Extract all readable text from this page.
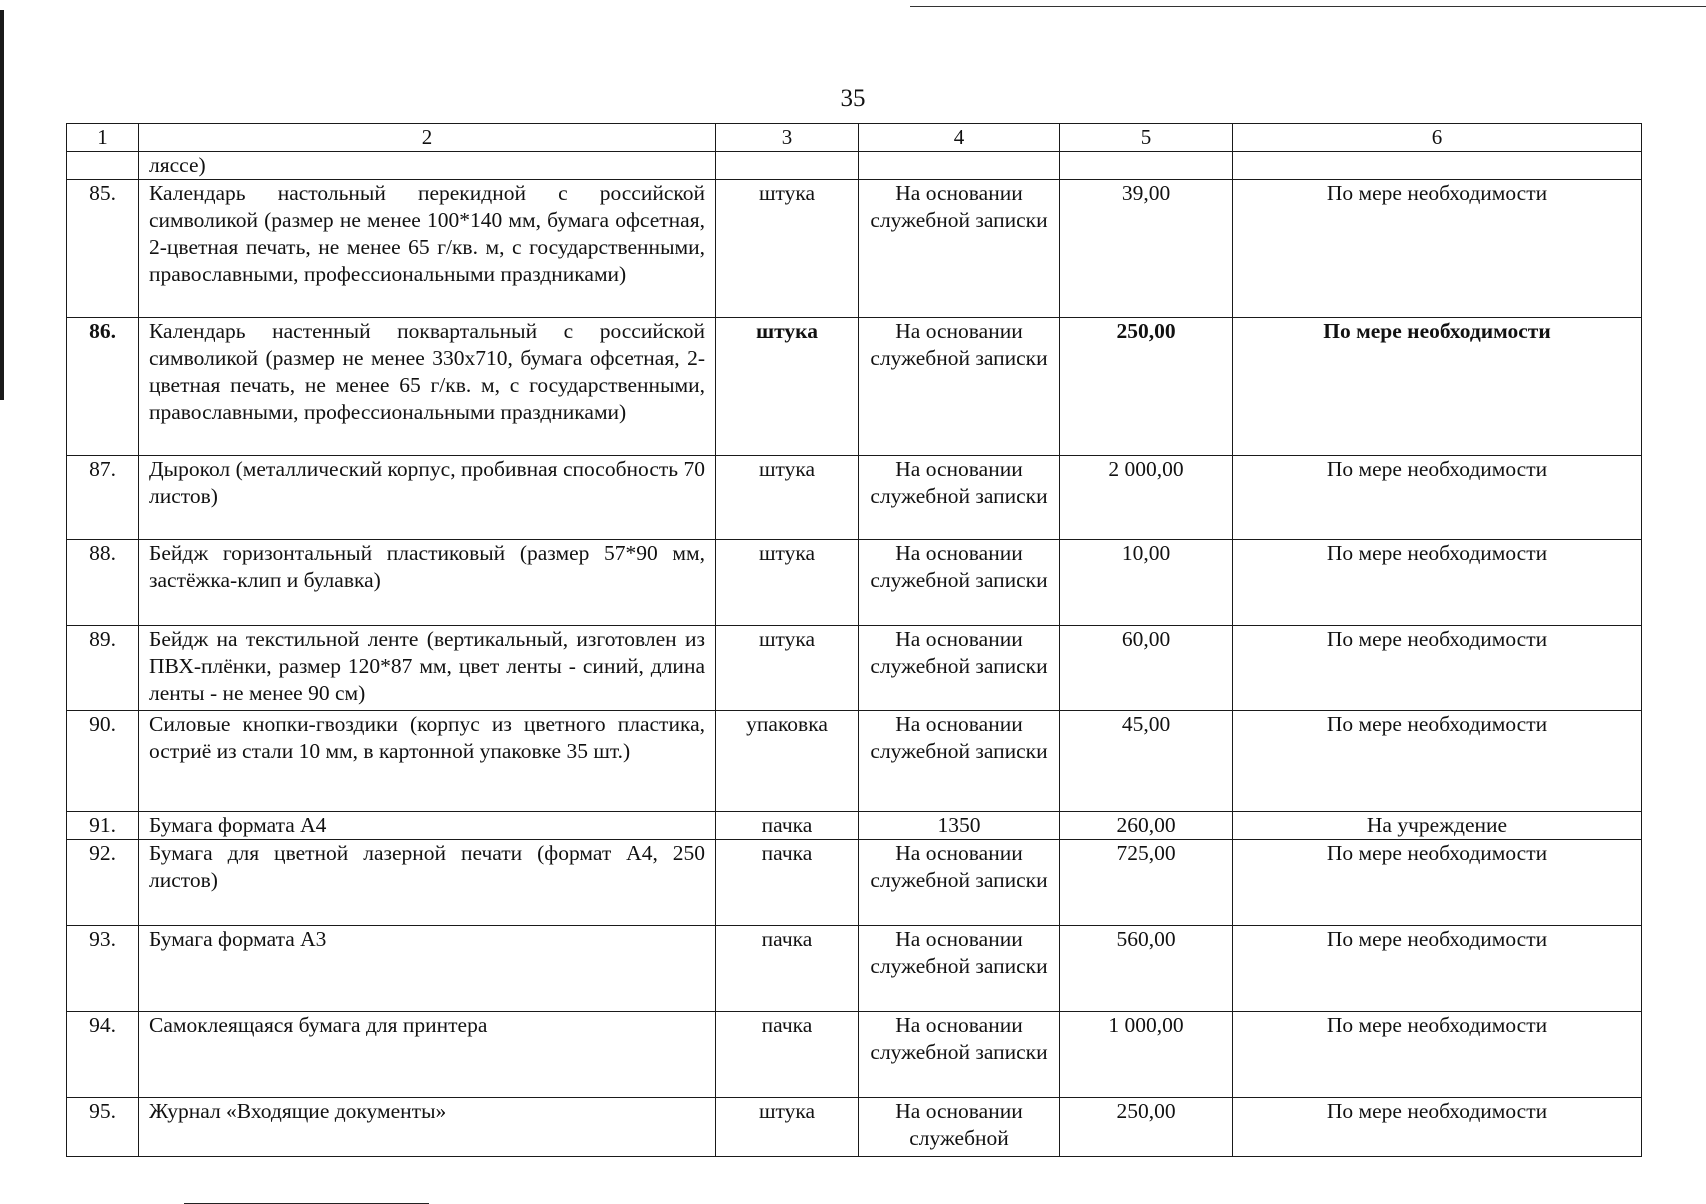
35
1	2	3	4	5	6
	ляссе)				
85.	Календарь настольный перекидной с российской символикой (размер не менее 100*140 мм, бумага офсетная, 2-цветная печать, не менее 65 г/кв. м, с государственными, православными, профессиональными праздниками)	штука	На основании служебной записки	39,00	По мере необходимости
86.	Календарь настенный поквартальный с российской символикой (размер не менее 330x710, бумага офсетная, 2-цветная печать, не менее 65 г/кв. м, с государственными, православными, профессиональными праздниками)	штука	На основании служебной записки	250,00	По мере необходимости
87.	Дырокол (металлический корпус, пробивная способность 70 листов)	штука	На основании служебной записки	2 000,00	По мере необходимости
88.	Бейдж горизонтальный пластиковый (размер 57*90 мм, застёжка-клип и булавка)	штука	На основании служебной записки	10,00	По мере необходимости
89.	Бейдж на текстильной ленте (вертикальный, изготовлен из ПВХ-плёнки, размер 120*87 мм, цвет ленты - синий, длина ленты - не менее 90 см)	штука	На основании служебной записки	60,00	По мере необходимости
90.	Силовые кнопки-гвоздики (корпус из цветного пластика, остриё из стали 10 мм, в картонной упаковке 35 шт.)	упаковка	На основании служебной записки	45,00	По мере необходимости
91.	Бумага формата А4	пачка	1350	260,00	На учреждение
92.	Бумага для цветной лазерной печати (формат А4, 250 листов)	пачка	На основании служебной записки	725,00	По мере необходимости
93.	Бумага формата А3	пачка	На основании служебной записки	560,00	По мере необходимости
94.	Самоклеящаяся бумага для принтера	пачка	На основании служебной записки	1 000,00	По мере необходимости
95.	Журнал «Входящие документы»	штука	На основании служебной	250,00	По мере необходимости
